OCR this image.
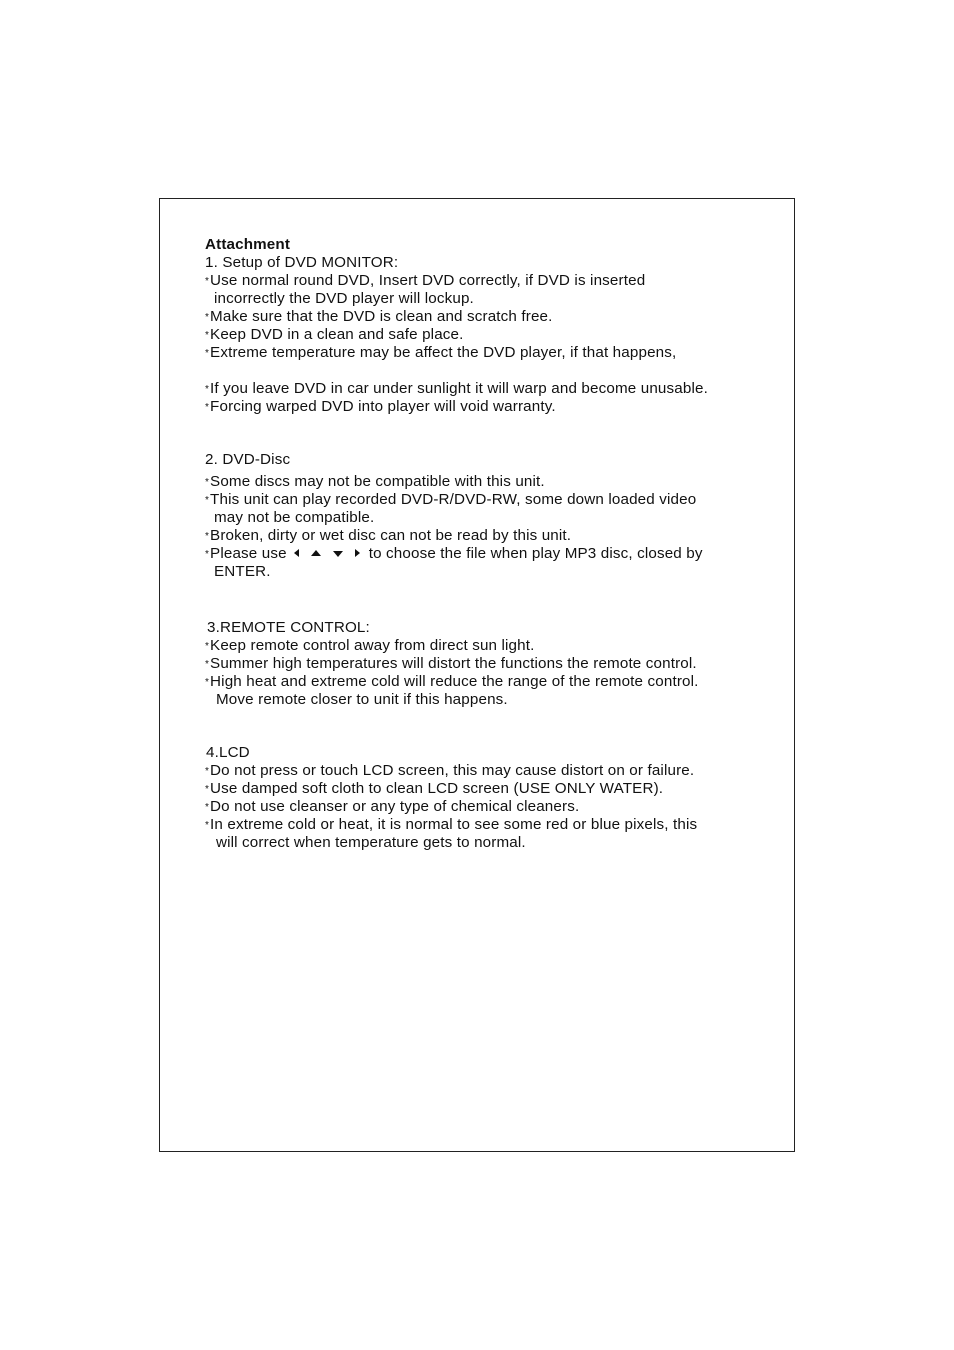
Attachment
1. Setup of DVD MONITOR:
*Use normal round DVD, Insert DVD correctly, if DVD is inserted
incorrectly the DVD player will lockup.
*Make sure that the DVD is clean and scratch free.
*Keep DVD in a clean and safe place.
*Extreme temperature may be affect the DVD player, if that happens,
*If you leave DVD in car under sunlight it will warp and become unusable.
*Forcing warped DVD into player will void warranty.
2. DVD-Disc
*Some discs may not be compatible with this unit.
*This unit can play recorded DVD-R/DVD-RW, some down loaded video
may not be compatible.
*Broken, dirty or wet disc can not be read by this unit.
*Please use	to choose the file when play MP3 disc, closed by
ENTER.
3.REMOTE CONTROL:
*Keep remote control away from direct sun light.
*Summer high temperatures will distort the functions the remote control.
*High heat and extreme cold will reduce the range of the remote control.
Move remote closer to unit if this happens.
4.LCD
*Do not press or touch LCD screen, this may cause distort on or failure.
*Use damped soft cloth to clean LCD screen (USE ONLY WATER).
*Do not use cleanser or any type of chemical cleaners.
*In extreme cold or heat, it is normal to see some red or blue pixels, this
will correct when temperature gets to normal.
